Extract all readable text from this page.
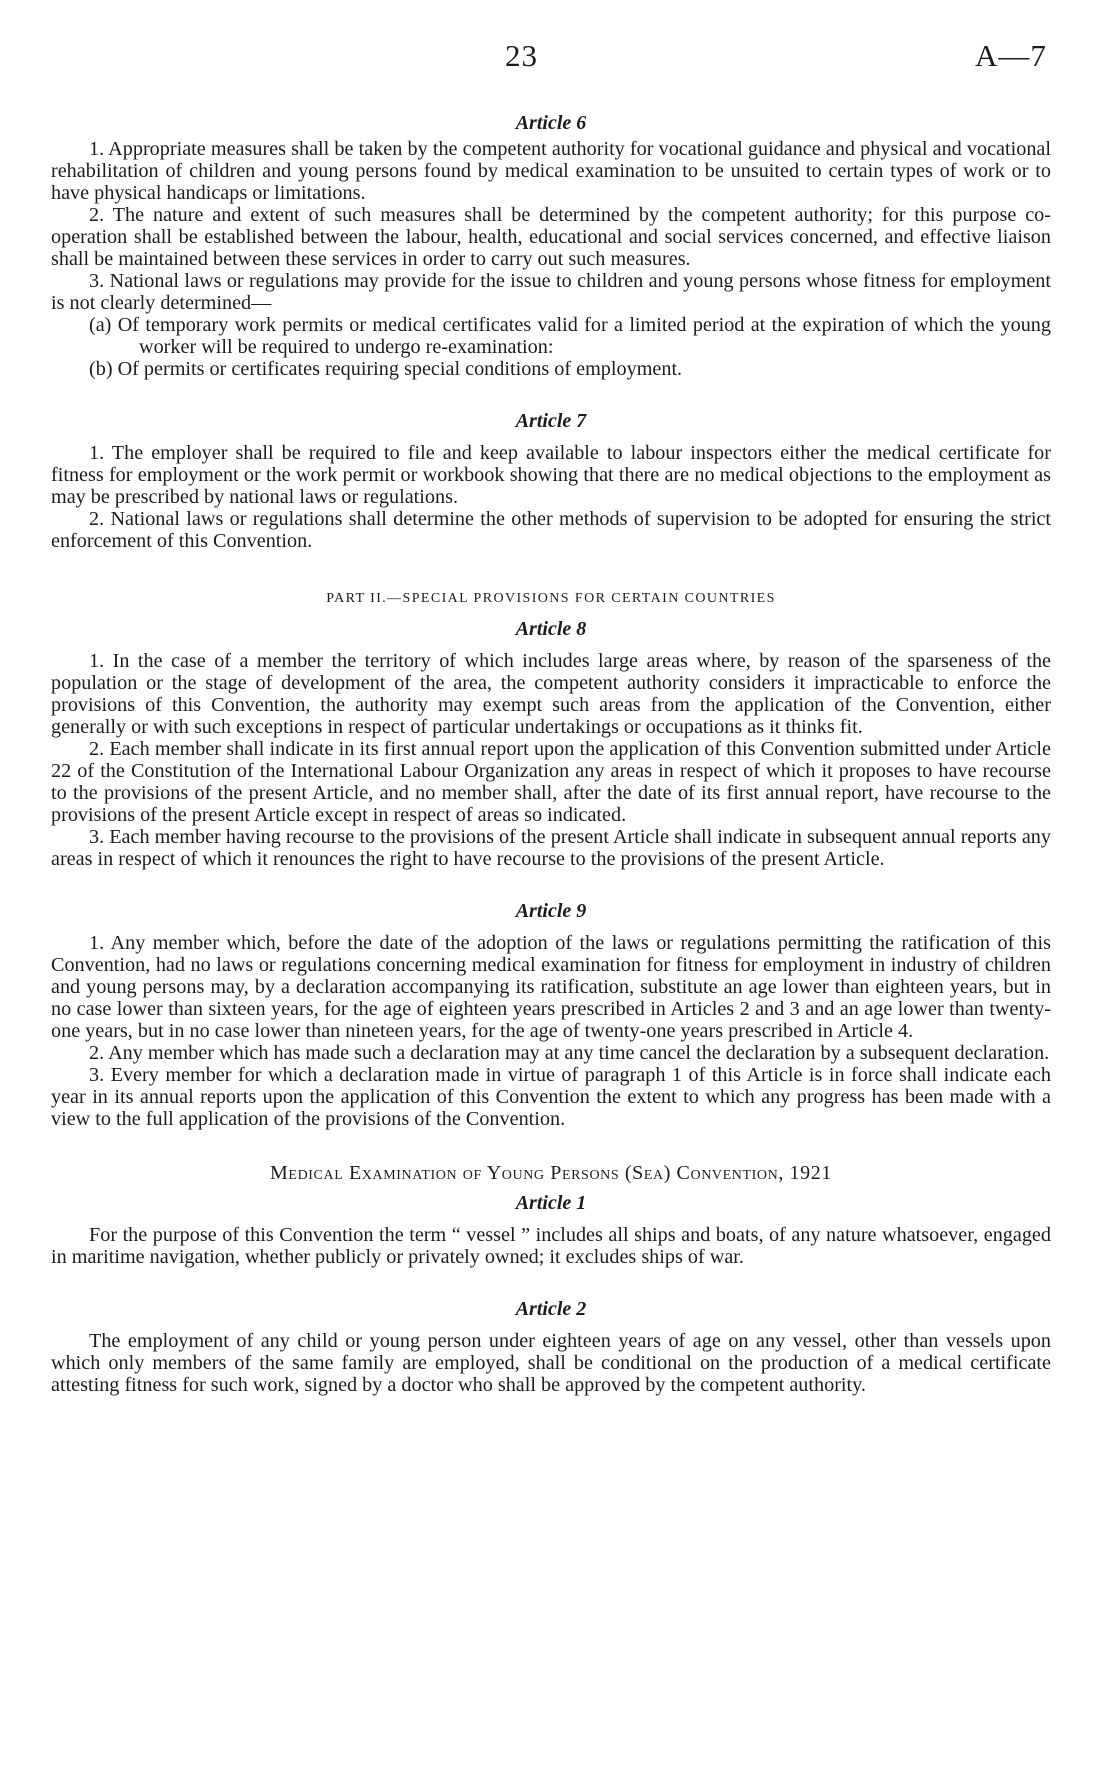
23	A—7
Article 6

1. Appropriate measures shall be taken by the competent authority for vocational guidance and physical and vocational rehabilitation of children and young persons found by medical examination to be unsuited to certain types of work or to have physical handicaps or limitations.

2. The nature and extent of such measures shall be determined by the competent authority; for this purpose co-operation shall be established between the labour, health, educational and social services concerned, and effective liaison shall be maintained between these services in order to carry out such measures.

3. National laws or regulations may provide for the issue to children and young persons whose fitness for employment is not clearly determined—

(a) Of temporary work permits or medical certificates valid for a limited period at the expiration of which the young worker will be required to undergo re-examination:

(b) Of permits or certificates requiring special conditions of employment.

Article 7

1. The employer shall be required to file and keep available to labour inspectors either the medical certificate for fitness for employment or the work permit or workbook showing that there are no medical objections to the employment as may be prescribed by national laws or regulations.

2. National laws or regulations shall determine the other methods of supervision to be adopted for ensuring the strict enforcement of this Convention.

PART II.—SPECIAL PROVISIONS FOR CERTAIN COUNTRIES
Article 8

1. In the case of a member the territory of which includes large areas where, by reason of the sparseness of the population or the stage of development of the area, the competent authority considers it impracticable to enforce the provisions of this Convention, the authority may exempt such areas from the application of the Convention, either generally or with such exceptions in respect of particular undertakings or occupations as it thinks fit.

2. Each member shall indicate in its first annual report upon the application of this Convention submitted under Article 22 of the Constitution of the International Labour Organization any areas in respect of which it proposes to have recourse to the provisions of the present Article, and no member shall, after the date of its first annual report, have recourse to the provisions of the present Article except in respect of areas so indicated.

3. Each member having recourse to the provisions of the present Article shall indicate in subsequent annual reports any areas in respect of which it renounces the right to have recourse to the provisions of the present Article.

Article 9

1. Any member which, before the date of the adoption of the laws or regulations permitting the ratification of this Convention, had no laws or regulations concerning medical examination for fitness for employment in industry of children and young persons may, by a declaration accompanying its ratification, substitute an age lower than eighteen years, but in no case lower than sixteen years, for the age of eighteen years prescribed in Articles 2 and 3 and an age lower than twenty-one years, but in no case lower than nineteen years, for the age of twenty-one years prescribed in Article 4.

2. Any member which has made such a declaration may at any time cancel the declaration by a subsequent declaration.

3. Every member for which a declaration made in virtue of paragraph 1 of this Article is in force shall indicate each year in its annual reports upon the application of this Convention the extent to which any progress has been made with a view to the full application of the provisions of the Convention.

Medical Examination of Young Persons (Sea) Convention, 1921
Article 1

For the purpose of this Convention the term “ vessel ” includes all ships and boats, of any nature whatsoever, engaged in maritime navigation, whether publicly or privately owned; it excludes ships of war.

Article 2

The employment of any child or young person under eighteen years of age on any vessel, other than vessels upon which only members of the same family are employed, shall be conditional on the production of a medical certificate attesting fitness for such work, signed by a doctor who shall be approved by the competent authority.
